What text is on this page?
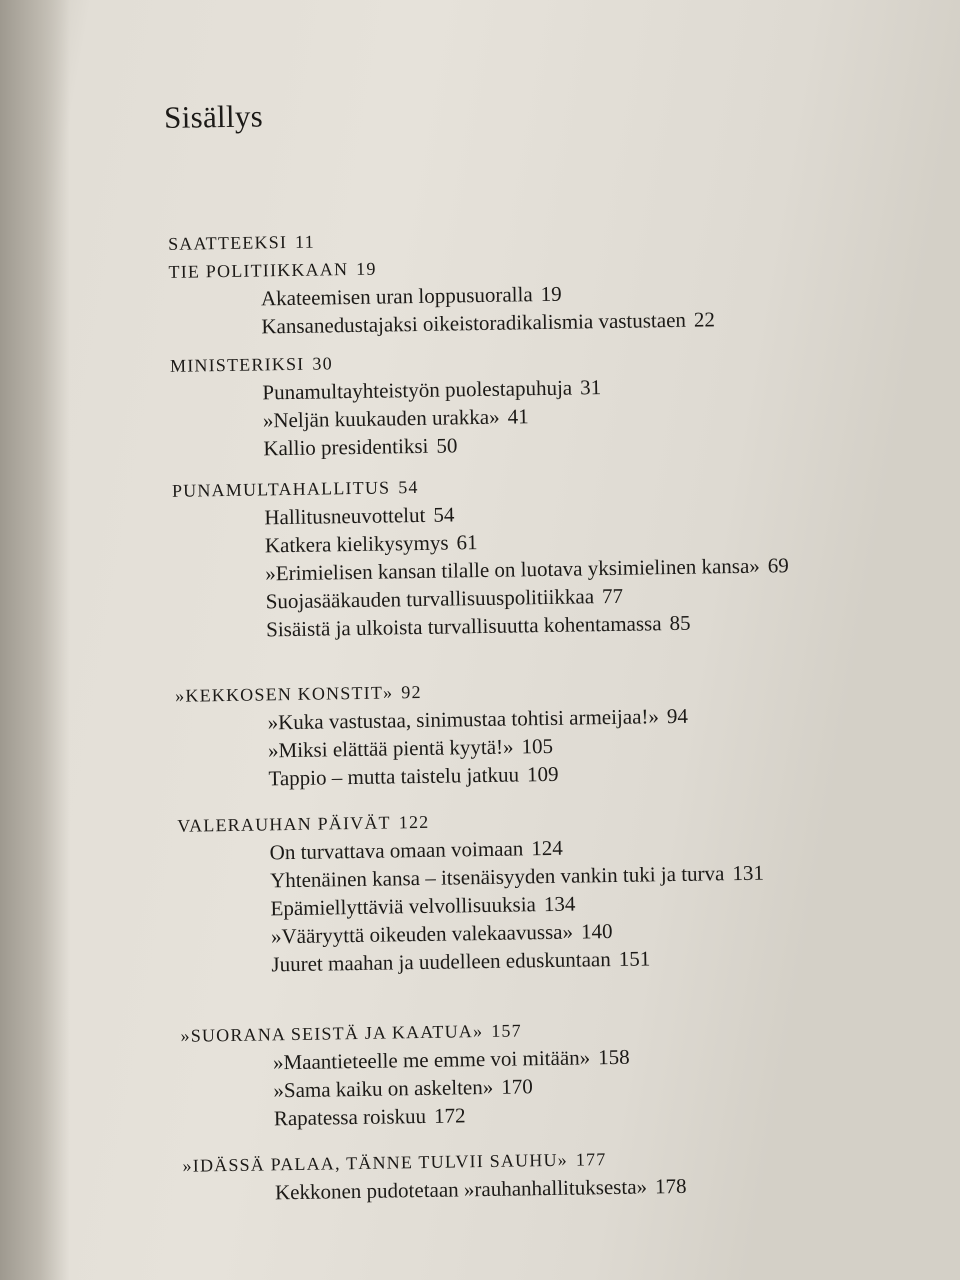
Sisällys
SAATTEEKSI 11
TIE POLITIIKKAAN 19
Akateemisen uran loppusuoralla 19
Kansanedustajaksi oikeistoradikalismia vastustaen 22
MINISTERIKSI 30
Punamultayhteistyön puolestapuhuja 31
»Neljän kuukauden urakka» 41
Kallio presidentiksi 50
PUNAMULTAHALLITUS 54
Hallitusneuvottelut 54
Katkera kielikysymys 61
»Erimielisen kansan tilalle on luotava yksimielinen kansa» 69
Suojasääkauden turvallisuuspolitiikkaa 77
Sisäistä ja ulkoista turvallisuutta kohentamassa 85
»KEKKOSEN KONSTIT» 92
»Kuka vastustaa, sinimustaa tohtisi armeijaa!» 94
»Miksi elättää pientä kyytä!» 105
Tappio – mutta taistelu jatkuu 109
VALERAUHAN PÄIVÄT 122
On turvattava omaan voimaan 124
Yhtenäinen kansa – itsenäisyyden vankin tuki ja turva 131
Epämiellyttäviä velvollisuuksia 134
»Vääryyttä oikeuden valekaavussa» 140
Juuret maahan ja uudelleen eduskuntaan 151
»SUORANA SEISTÄ JA KAATUA» 157
»Maantieteelle me emme voi mitään» 158
»Sama kaiku on askelten» 170
Rapatessa roiskuu 172
»IDÄSSÄ PALAA, TÄNNE TULVII SAUHU» 177
Kekkonen pudotetaan »rauhanhallituksesta» 178
